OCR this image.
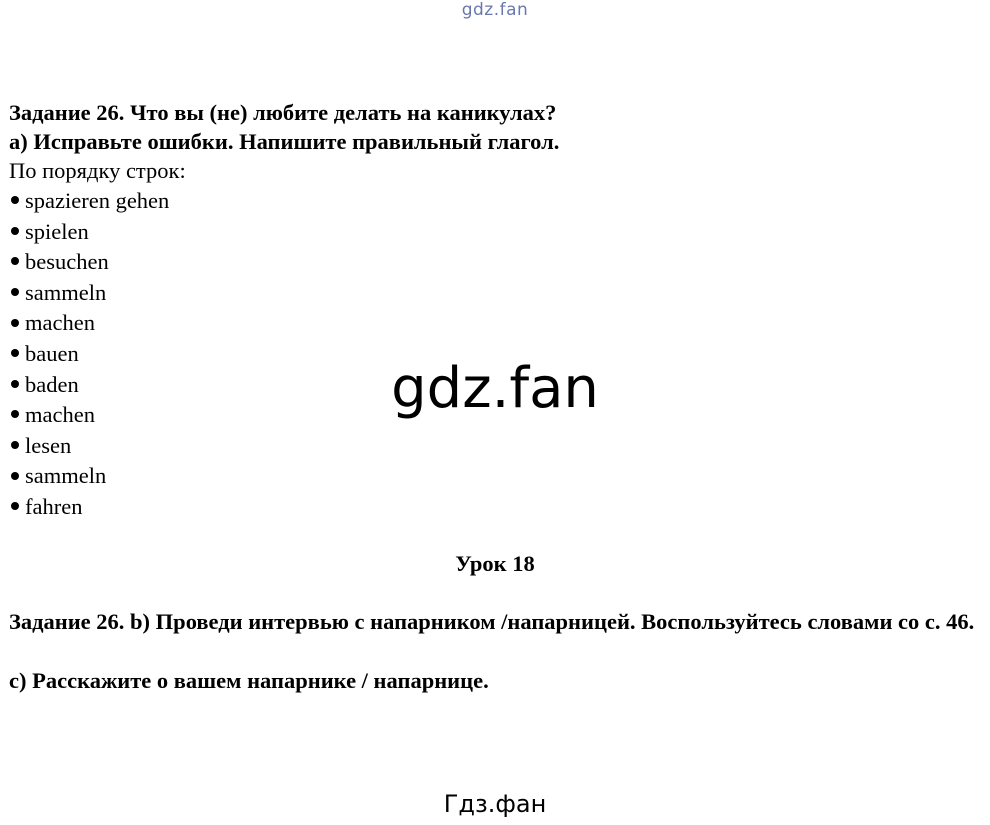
gdz.fan
Задание 26. Что вы (не) любите делать на каникулах?
а) Исправьте ошибки. Напишите правильный глагол.
По порядку строк:
spazieren gehen
spielen
besuchen
sammeln
machen
bauen
baden
machen
lesen
sammeln
fahren
gdz.fan
Урок 18
Задание 26. b) Проведи интервью с напарником /напарницей. Воспользуйтесь словами со с. 46.
c) Расскажите о вашем напарнике / напарнице.
Гдз.фан
